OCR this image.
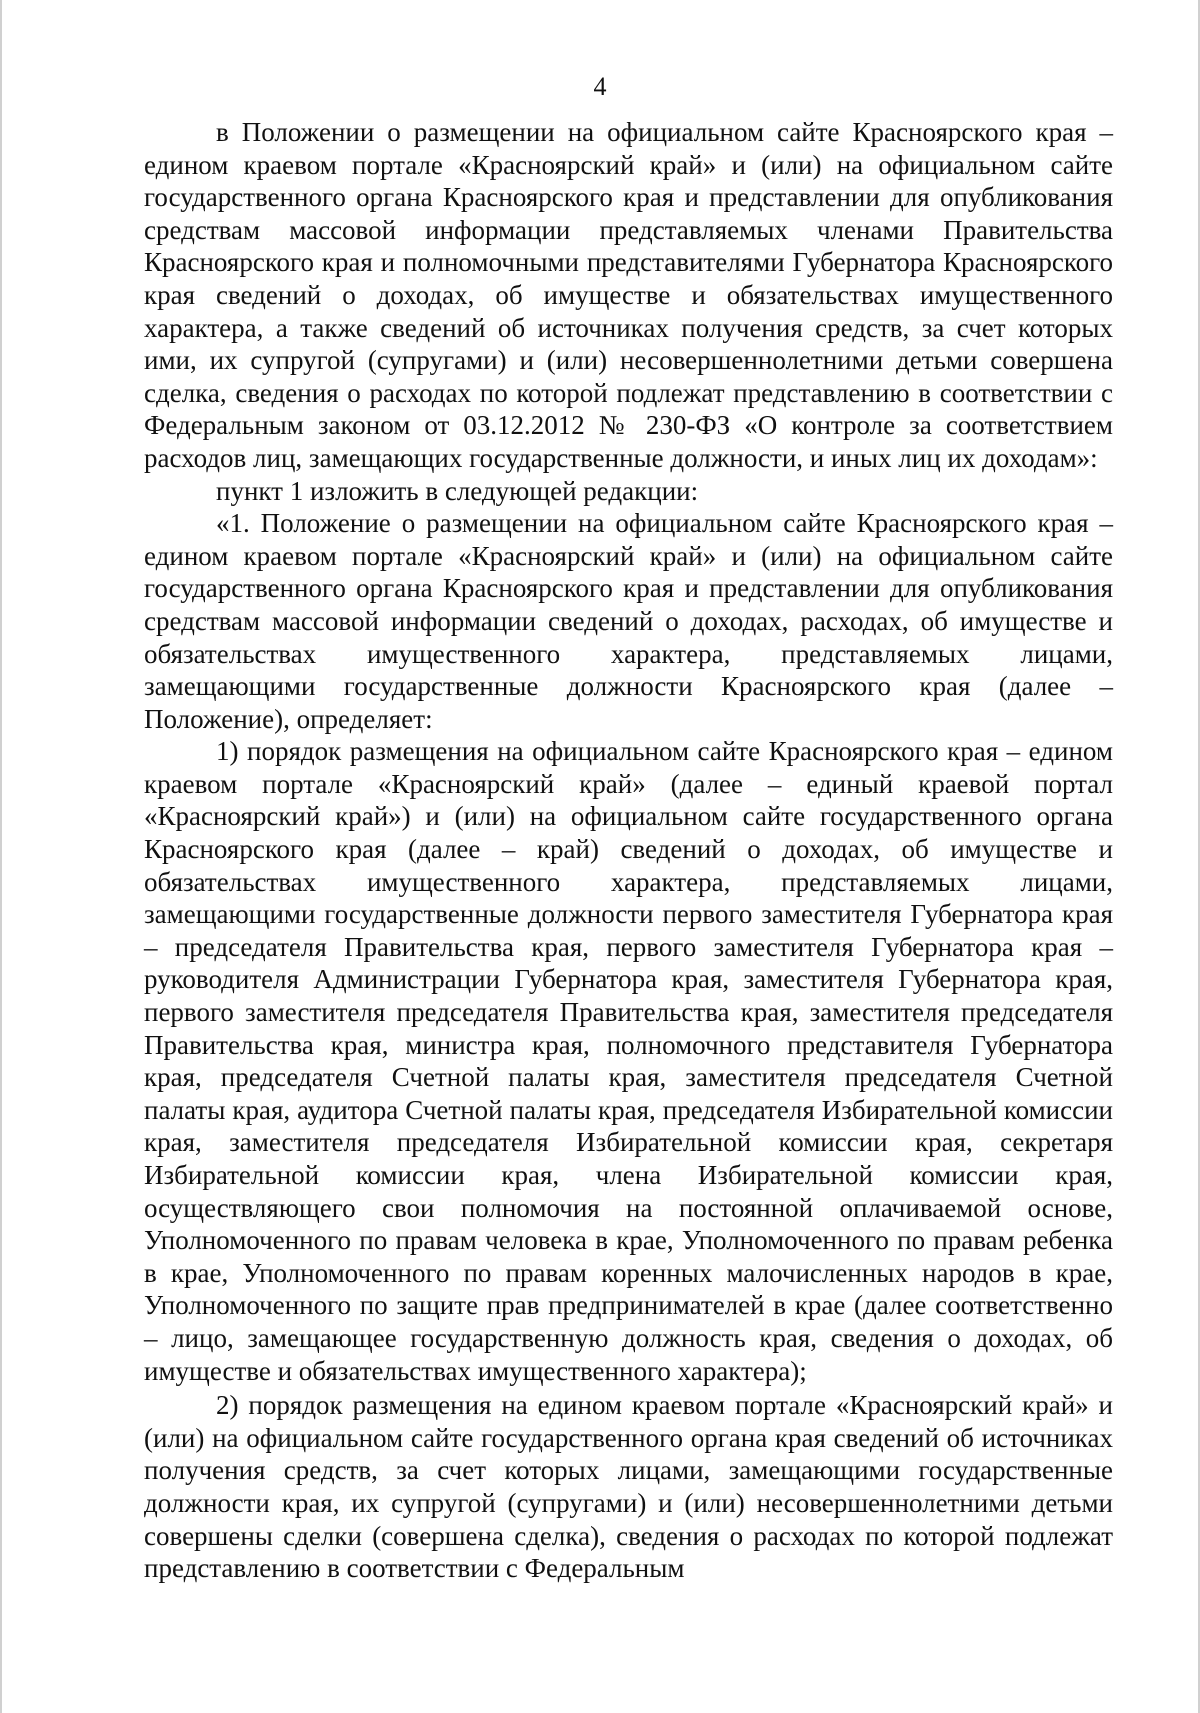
4

в Положении о размещении на официальном сайте Красноярского края – едином краевом портале «Красноярский край» и (или) на официальном сайте государственного органа Красноярского края и представлении для опубликования средствам массовой информации представляемых членами Правительства Красноярского края и полномочными представителями Губернатора Красноярского края сведений о доходах, об имуществе и обязательствах имущественного характера, а также сведений об источниках получения средств, за счет которых ими, их супругой (супругами) и (или) несовершеннолетними детьми совершена сделка, сведения о расходах по которой подлежат представлению в соответствии с Федеральным законом от 03.12.2012 № 230-ФЗ «О контроле за соответствием расходов лиц, замещающих государственные должности, и иных лиц их доходам»:

пункт 1 изложить в следующей редакции:

«1. Положение о размещении на официальном сайте Красноярского края – едином краевом портале «Красноярский край» и (или) на официальном сайте государственного органа Красноярского края и представлении для опубликования средствам массовой информации сведений о доходах, расходах, об имуществе и обязательствах имущественного характера, представляемых лицами, замещающими государственные должности Красноярского края (далее – Положение), определяет:

1) порядок размещения на официальном сайте Красноярского края – едином краевом портале «Красноярский край» (далее – единый краевой портал «Красноярский край») и (или) на официальном сайте государственного органа Красноярского края (далее – край) сведений о доходах, об имуществе и обязательствах имущественного характера, представляемых лицами, замещающими государственные должности первого заместителя Губернатора края – председателя Правительства края, первого заместителя Губернатора края – руководителя Администрации Губернатора края, заместителя Губернатора края, первого заместителя председателя Правительства края, заместителя председателя Правительства края, министра края, полномочного представителя Губернатора края, председателя Счетной палаты края, заместителя председателя Счетной палаты края, аудитора Счетной палаты края, председателя Избирательной комиссии края, заместителя председателя Избирательной комиссии края, секретаря Избирательной комиссии края, члена Избирательной комиссии края, осуществляющего свои полномочия на постоянной оплачиваемой основе, Уполномоченного по правам человека в крае, Уполномоченного по правам ребенка в крае, Уполномоченного по правам коренных малочисленных народов в крае, Уполномоченного по защите прав предпринимателей в крае (далее соответственно – лицо, замещающее государственную должность края, сведения о доходах, об имуществе и обязательствах имущественного характера);

2) порядок размещения на едином краевом портале «Красноярский край» и (или) на официальном сайте государственного органа края сведений об источниках получения средств, за счет которых лицами, замещающими государственные должности края, их супругой (супругами) и (или) несовершеннолетними детьми совершены сделки (совершена сделка), сведения о расходах по которой подлежат представлению в соответствии с Федеральным
